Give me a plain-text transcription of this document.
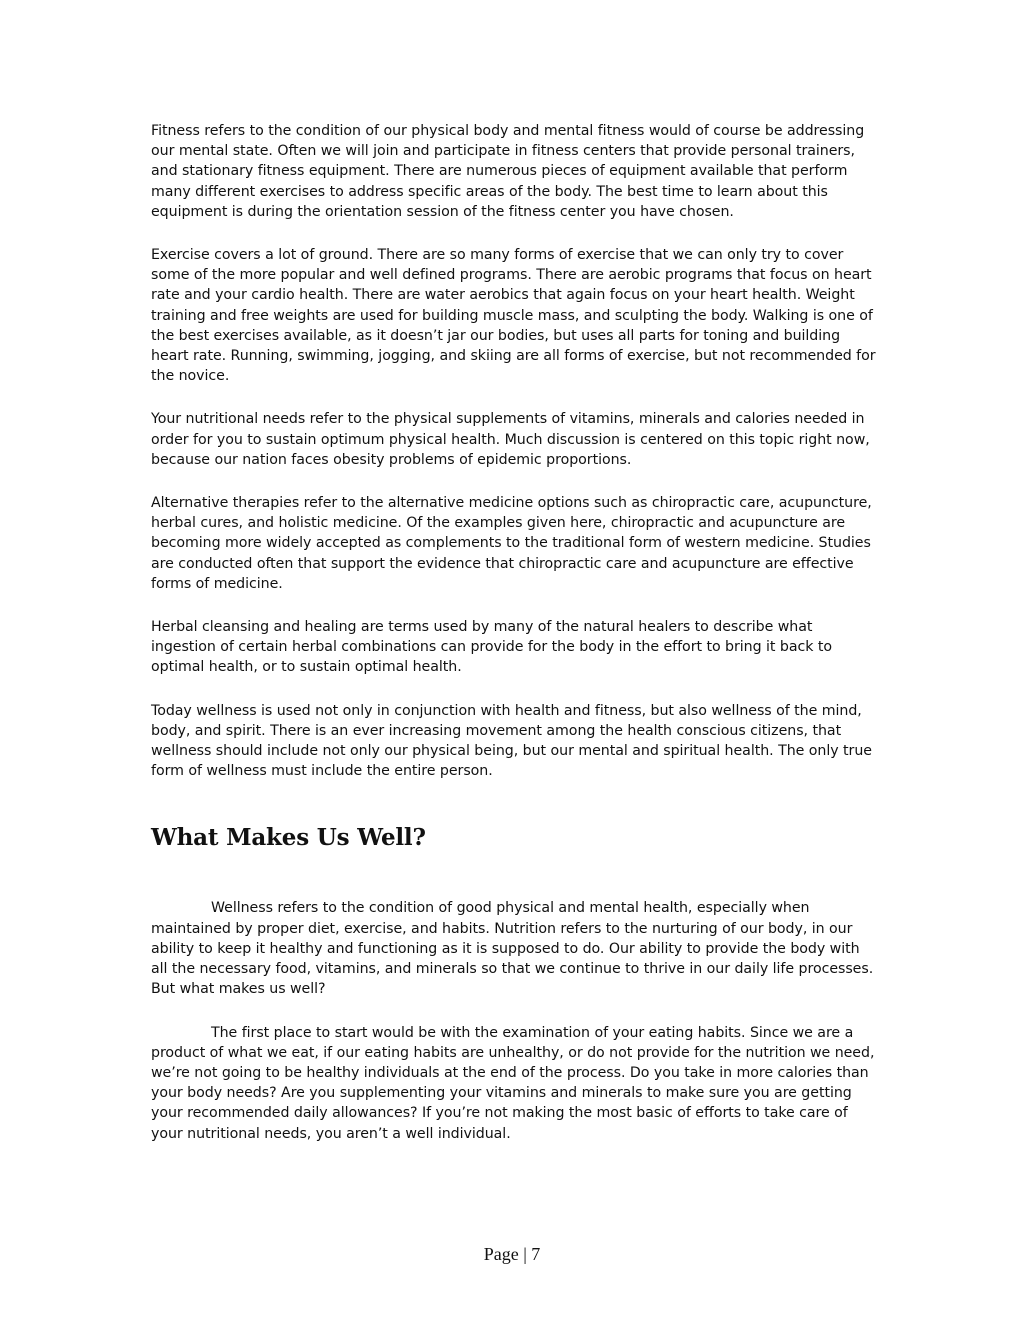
Fitness refers to the condition of our physical body and mental fitness would of course be addressing our mental state. Often we will join and participate in fitness centers that provide personal trainers, and stationary fitness equipment. There are numerous pieces of equipment available that perform many different exercises to address specific areas of the body. The best time to learn about this equipment is during the orientation session of the fitness center you have chosen.

Exercise covers a lot of ground. There are so many forms of exercise that we can only try to cover some of the more popular and well defined programs. There are aerobic programs that focus on heart rate and your cardio health. There are water aerobics that again focus on your heart health. Weight training and free weights are used for building muscle mass, and sculpting the body. Walking is one of the best exercises available, as it doesn’t jar our bodies, but uses all parts for toning and building heart rate. Running, swimming, jogging, and skiing are all forms of exercise, but not recommended for the novice.

Your nutritional needs refer to the physical supplements of vitamins, minerals and calories needed in order for you to sustain optimum physical health. Much discussion is centered on this topic right now, because our nation faces obesity problems of epidemic proportions.

Alternative therapies refer to the alternative medicine options such as chiropractic care, acupuncture, herbal cures, and holistic medicine. Of the examples given here, chiropractic and acupuncture are becoming more widely accepted as complements to the traditional form of western medicine. Studies are conducted often that support the evidence that chiropractic care and acupuncture are effective forms of medicine.

Herbal cleansing and healing are terms used by many of the natural healers to describe what ingestion of certain herbal combinations can provide for the body in the effort to bring it back to optimal health, or to sustain optimal health.

Today wellness is used not only in conjunction with health and fitness, but also wellness of the mind, body, and spirit. There is an ever increasing movement among the health conscious citizens, that wellness should include not only our physical being, but our mental and spiritual health. The only true form of wellness must include the entire person.

What Makes Us Well?

Wellness refers to the condition of good physical and mental health, especially when maintained by proper diet, exercise, and habits. Nutrition refers to the nurturing of our body, in our ability to keep it healthy and functioning as it is supposed to do. Our ability to provide the body with all the necessary food, vitamins, and minerals so that we continue to thrive in our daily life processes. But what makes us well?

The first place to start would be with the examination of your eating habits. Since we are a product of what we eat, if our eating habits are unhealthy, or do not provide for the nutrition we need, we’re not going to be healthy individuals at the end of the process. Do you take in more calories than your body needs? Are you supplementing your vitamins and minerals to make sure you are getting your recommended daily allowances? If you’re not making the most basic of efforts to take care of your nutritional needs, you aren’t a well individual.

Page | 7
